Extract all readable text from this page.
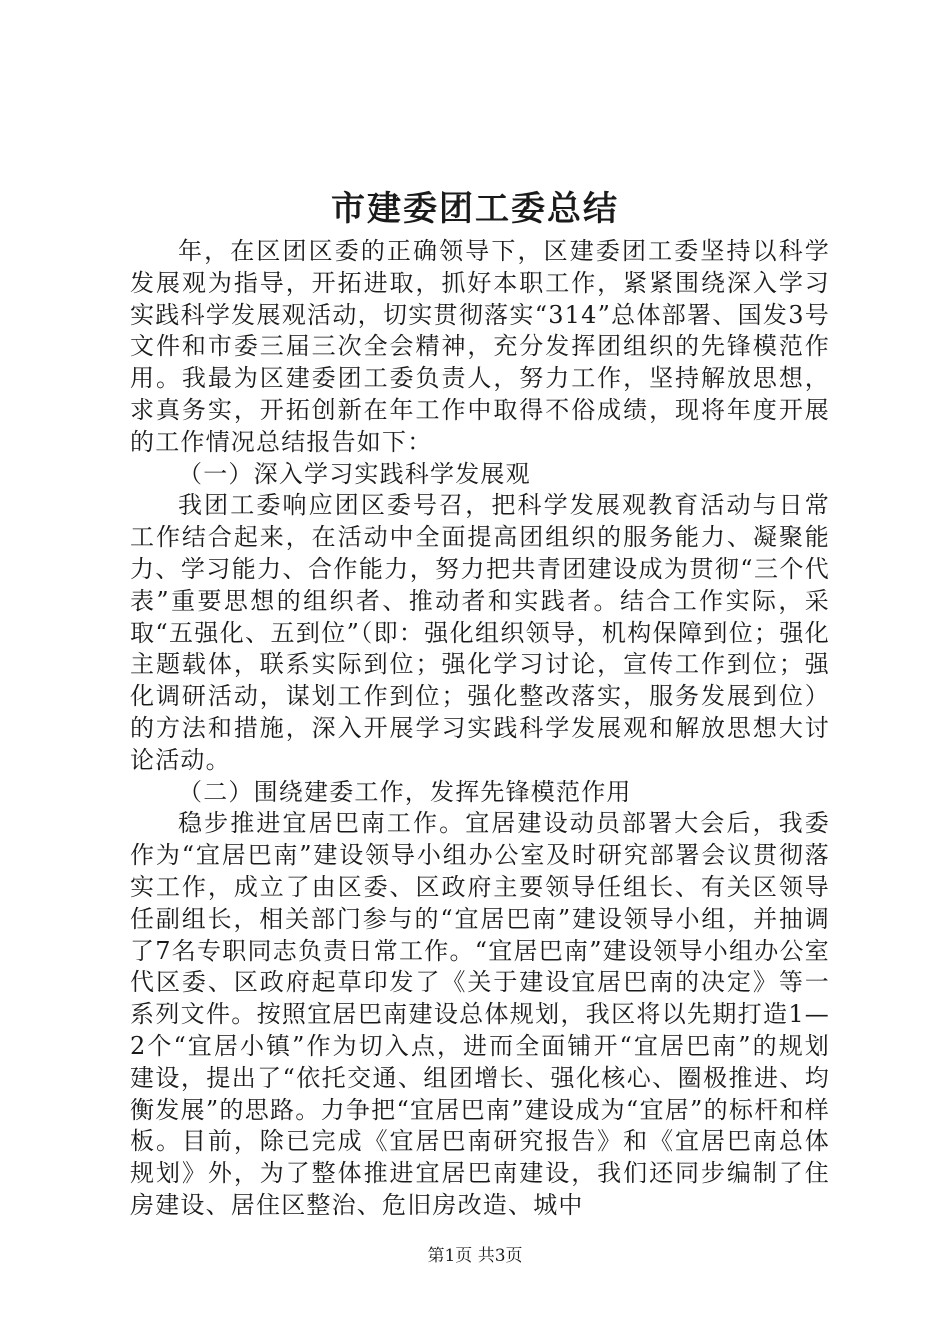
市建委团工委总结

年，在区团区委的正确领导下，区建委团工委坚持以科学发展观为指导，开拓进取，抓好本职工作，紧紧围绕深入学习实践科学发展观活动，切实贯彻落实“314”总体部署、国发3号文件和市委三届三次全会精神，充分发挥团组织的先锋模范作用。我最为区建委团工委负责人，努力工作，坚持解放思想，求真务实，开拓创新在年工作中取得不俗成绩，现将年度开展的工作情况总结报告如下：

（一）深入学习实践科学发展观

我团工委响应团区委号召，把科学发展观教育活动与日常工作结合起来，在活动中全面提高团组织的服务能力、凝聚能力、学习能力、合作能力，努力把共青团建设成为贯彻“三个代表”重要思想的组织者、推动者和实践者。结合工作实际，采取“五强化、五到位”（即：强化组织领导，机构保障到位；强化主题载体，联系实际到位；强化学习讨论，宣传工作到位；强化调研活动，谋划工作到位；强化整改落实，服务发展到位）的方法和措施，深入开展学习实践科学发展观和解放思想大讨论活动。

（二）围绕建委工作，发挥先锋模范作用

稳步推进宜居巴南工作。宜居建设动员部署大会后，我委作为“宜居巴南”建设领导小组办公室及时研究部署会议贯彻落实工作，成立了由区委、区政府主要领导任组长、有关区领导任副组长，相关部门参与的“宜居巴南”建设领导小组，并抽调了7名专职同志负责日常工作。“宜居巴南”建设领导小组办公室代区委、区政府起草印发了《关于建设宜居巴南的决定》等一系列文件。按照宜居巴南建设总体规划，我区将以先期打造1—2个“宜居小镇”作为切入点，进而全面铺开“宜居巴南”的规划建设，提出了“依托交通、组团增长、强化核心、圈极推进、均衡发展”的思路。力争把“宜居巴南”建设成为“宜居”的标杆和样板。目前，除已完成《宜居巴南研究报告》和《宜居巴南总体规划》外，为了整体推进宜居巴南建设，我们还同步编制了住房建设、居住区整治、危旧房改造、城中

第1页 共3页
